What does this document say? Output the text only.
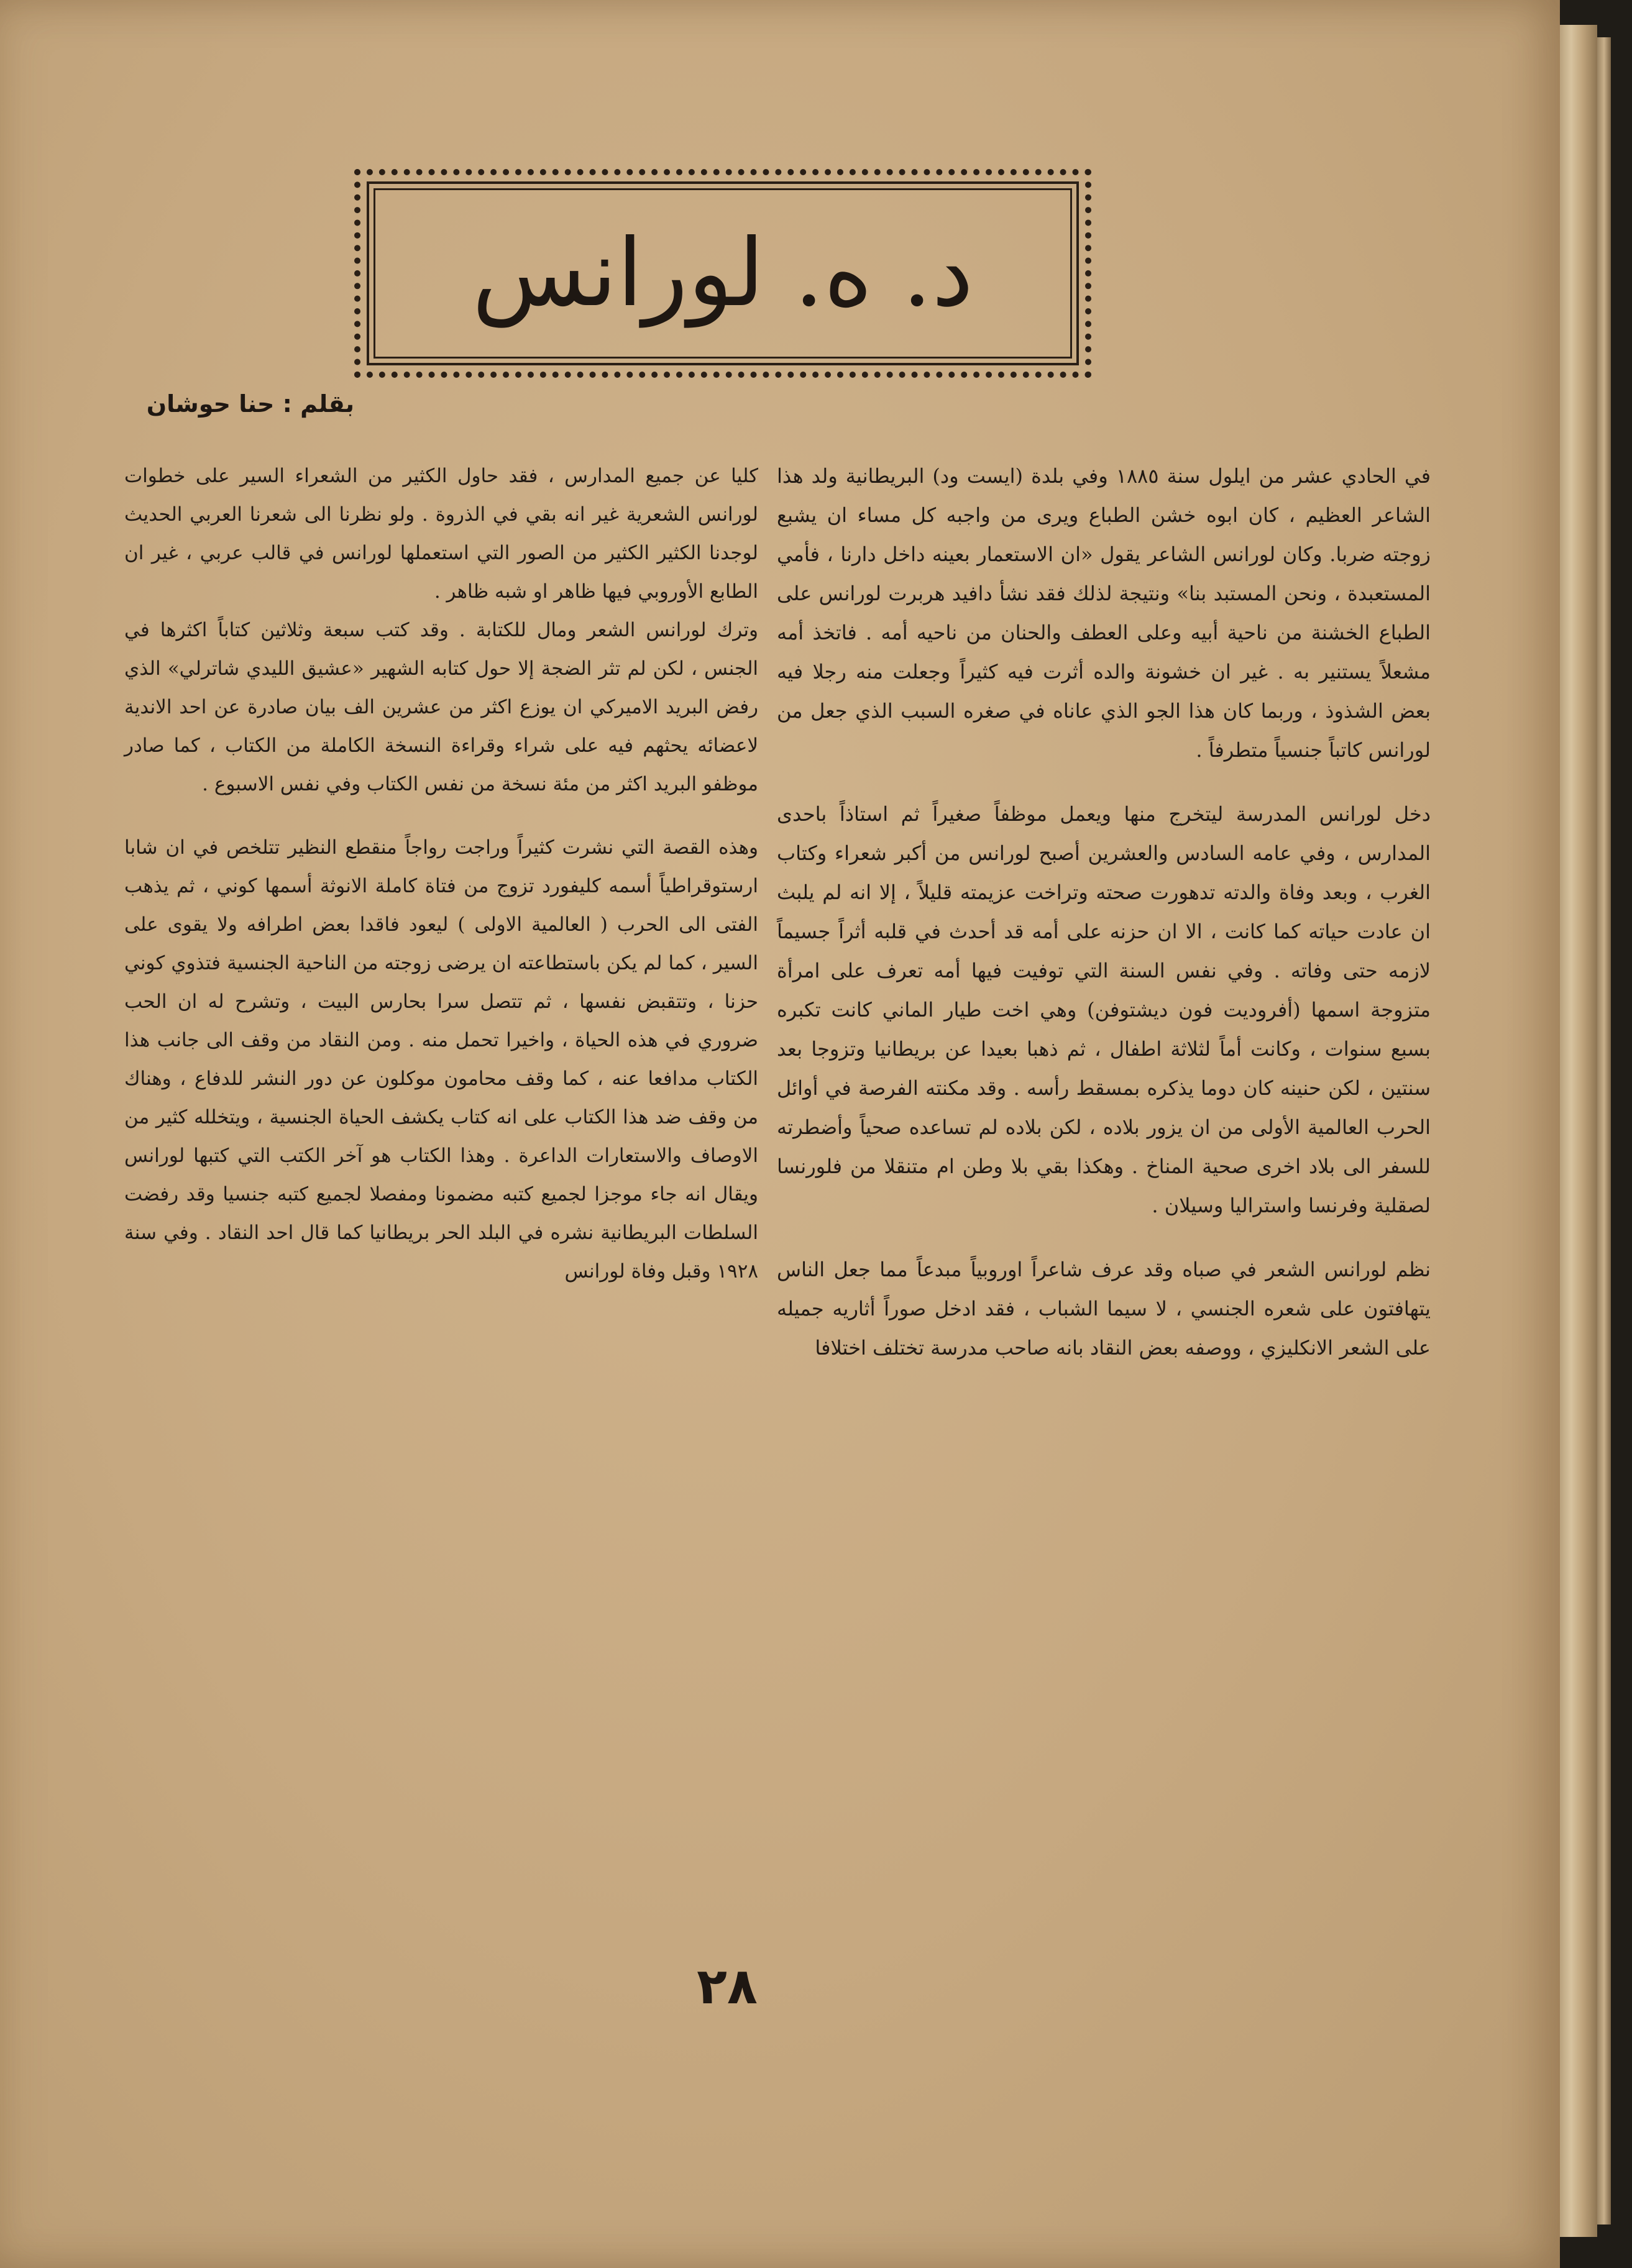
د. ه. لورانس
بقلم : حنا حوشان

في الحادي عشر من ايلول سنة ١٨٨٥ وفي بلدة (ايست ود) البريطانية ولد هذا الشاعر العظيم ، كان ابوه خشن الطباع ويرى من واجبه كل مساء ان يشبع زوجته ضربا. وكان لورانس الشاعر يقول «ان الاستعمار بعينه داخل دارنا ، فأمي المستعبدة ، ونحن المستبد بنا» ونتيجة لذلك فقد نشأ دافيد هربرت لورانس على الطباع الخشنة من ناحية أبيه وعلى العطف والحنان من ناحيه أمه . فاتخذ أمه مشعلاً يستنير به . غير ان خشونة والده أثرت فيه كثيراً وجعلت منه رجلا فيه بعض الشذوذ ، وربما كان هذا الجو الذي عاناه في صغره السبب الذي جعل من لورانس كاتباً جنسياً متطرفاً .

دخل لورانس المدرسة ليتخرج منها ويعمل موظفاً صغيراً ثم استاذاً باحدى المدارس ، وفي عامه السادس والعشرين أصبح لورانس من أكبر شعراء وكتاب الغرب ، وبعد وفاة والدته تدهورت صحته وتراخت عزيمته قليلاً ، إلا انه لم يلبث ان عادت حياته كما كانت ، الا ان حزنه على أمه قد أحدث في قلبه أثراً جسيماً لازمه حتى وفاته . وفي نفس السنة التي توفيت فيها أمه تعرف على امرأة متزوجة اسمها (أفروديت فون ديشتوفن) وهي اخت طيار الماني كانت تكبره بسبع سنوات ، وكانت أماً لثلاثة اطفال ، ثم ذهبا بعيدا عن بريطانيا وتزوجا بعد سنتين ، لكن حنينه كان دوما يذكره بمسقط رأسه . وقد مكنته الفرصة في أوائل الحرب العالمية الأولى من ان يزور بلاده ، لكن بلاده لم تساعده صحياً وأضطرته للسفر الى بلاد اخرى صحية المناخ . وهكذا بقي بلا وطن ام متنقلا من فلورنسا لصقلية وفرنسا واستراليا وسيلان .

نظم لورانس الشعر في صباه وقد عرف شاعراً اوروبياً مبدعاً مما جعل الناس يتهافتون على شعره الجنسي ، لا سيما الشباب ، فقد ادخل صوراً أثاريه جميله على الشعر الانكليزي ، ووصفه بعض النقاد بانه صاحب مدرسة تختلف اختلافا

كليا عن جميع المدارس ، فقد حاول الكثير من الشعراء السير على خطوات لورانس الشعرية غير انه بقي في الذروة . ولو نظرنا الى شعرنا العربي الحديث لوجدنا الكثير الكثير من الصور التي استعملها لورانس في قالب عربي ، غير ان الطابع الأوروبي فيها ظاهر او شبه ظاهر .

وترك لورانس الشعر ومال للكتابة . وقد كتب سبعة وثلاثين كتاباً اكثرها في الجنس ، لكن لم تثر الضجة إلا حول كتابه الشهير «عشيق الليدي شاترلي» الذي رفض البريد الاميركي ان يوزع اكثر من عشرين الف بيان صادرة عن احد الاندية لاعضائه يحثهم فيه على شراء وقراءة النسخة الكاملة من الكتاب ، كما صادر موظفو البريد اكثر من مئة نسخة من نفس الكتاب وفي نفس الاسبوع .

وهذه القصة التي نشرت كثيراً وراجت رواجاً منقطع النظير تتلخص في ان شابا ارستوقراطياً أسمه كليفورد تزوج من فتاة كاملة الانوثة أسمها كوني ، ثم يذهب الفتى الى الحرب ( العالمية الاولى ) ليعود فاقدا بعض اطرافه ولا يقوى على السير ، كما لم يكن باستطاعته ان يرضى زوجته من الناحية الجنسية فتذوي كوني حزنا ، وتتقبض نفسها ، ثم تتصل سرا بحارس البيت ، وتشرح له ان الحب ضروري في هذه الحياة ، واخيرا تحمل منه . ومن النقاد من وقف الى جانب هذا الكتاب مدافعا عنه ، كما وقف محامون موكلون عن دور النشر للدفاع ، وهناك من وقف ضد هذا الكتاب على انه كتاب يكشف الحياة الجنسية ، ويتخلله كثير من الاوصاف والاستعارات الداعرة . وهذا الكتاب هو آخر الكتب التي كتبها لورانس ويقال انه جاء موجزا لجميع كتبه مضمونا ومفصلا لجميع كتبه جنسيا وقد رفضت السلطات البريطانية نشره في البلد الحر بريطانيا كما قال احد النقاد . وفي سنة ١٩٢٨ وقبل وفاة لورانس

٢٨
